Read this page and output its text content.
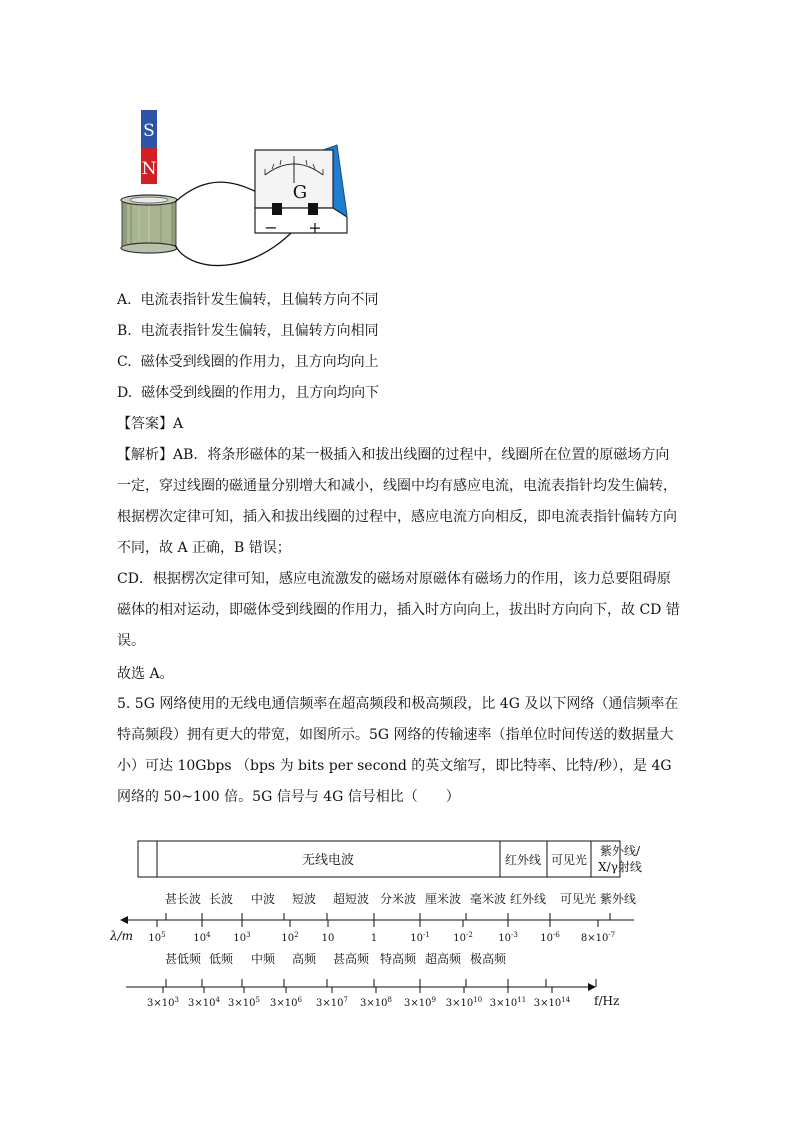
S
N
G
− +
A. 电流表指针发生偏转，且偏转方向不同
B. 电流表指针发生偏转，且偏转方向相同
C. 磁体受到线圈的作用力，且方向均向上
D. 磁体受到线圈的作用力，且方向均向下
【答案】A
【解析】AB．将条形磁体的某一极插入和拔出线圈的过程中，线圈所在位置的原磁场方向一定，穿过线圈的磁通量分别增大和减小，线圈中均有感应电流，电流表指针均发生偏转，根据楞次定律可知，插入和拔出线圈的过程中，感应电流方向相反，即电流表指针偏转方向不同，故 A 正确，B 错误；
CD．根据楞次定律可知，感应电流激发的磁场对原磁体有磁场力的作用，该力总要阻碍原磁体的相对运动，即磁体受到线圈的作用力，插入时方向向上，拔出时方向向下，故 CD 错误。
故选 A。
5. 5G 网络使用的无线电通信频率在超高频段和极高频段，比 4G 及以下网络（通信频率在特高频段）拥有更大的带宽，如图所示。5G 网络的传输速率（指单位时间传送的数据量大小）可达 10Gbps （bps 为 bits per second 的英文缩写，即比特率、比特/秒），是 4G 网络的 50~100 倍。5G 信号与 4G 信号相比（　　）
无线电波	红外线 可见光
紫外线/
X/γ射线
λ/m
甚长波 长波 中波 短波 超短波 分米波 厘米波 毫米波 红外线 可见光 紫外线
$10^5$	$10^4$ $10^3$	$10^2$ 10	1	$10^{-1}$ $10^{-2}$	$10^{-3}$ $10^{-6}$ $8\times 10^{-7}$
f/Hz
甚低频 低频 中频 高频 甚高频 特高频 超高频 极高频
$3\times 10^3$ $3\times 10^4$ $3\times 10^5$ $3\times 10^6$ $3\times 10^7$ $3\times 10^8$ $3\times 10^9$ $3\times 10^{10}$ $3\times 10^{11}$ $3\times 10^{14}$
